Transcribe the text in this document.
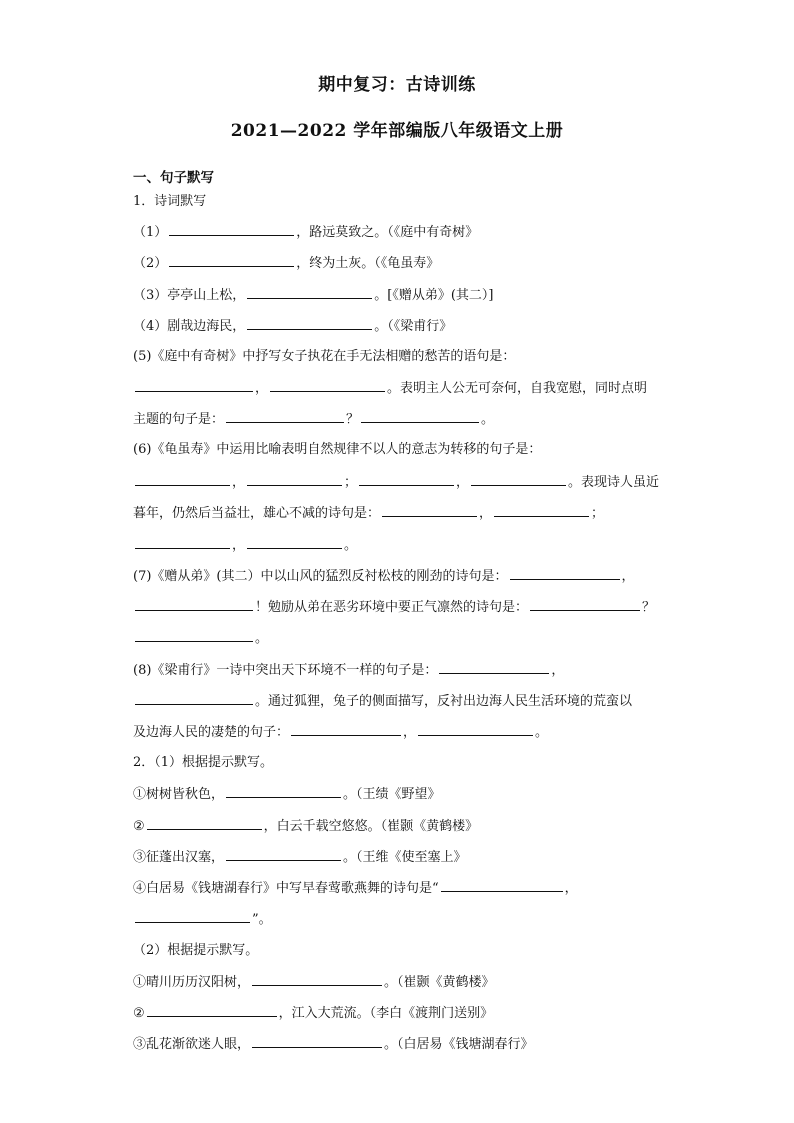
期中复习：古诗训练
2021—2022 学年部编版八年级语文上册
一、句子默写
1．诗词默写
（1）	，路远莫致之。（《庭中有奇树》
（2）	，终为土灰。（《龟虽寿》
（3）亭亭山上松，	。[《赠从弟》(其二）]
（4）剧哉边海民，	。（《梁甫行》
(5)《庭中有奇树》中抒写女子执花在手无法相赠的愁苦的语句是：
，	。表明主人公无可奈何，自我宽慰，同时点明
主题的句子是：	？	。
(6)《龟虽寿》中运用比喻表明自然规律不以人的意志为转移的句子是：
，	；	，	。表现诗人虽近
暮年，仍然后当益壮，雄心不减的诗句是：	，	；
，	。
(7)《赠从弟》(其二）中以山风的猛烈反衬松枝的刚劲的诗句是：	，
！勉励从弟在恶劣环境中要正气凛然的诗句是：	？
。
(8)《梁甫行》一诗中突出天下环境不一样的句子是：	，
。通过狐狸，兔子的侧面描写，反衬出边海人民生活环境的荒蛮以
及边海人民的凄楚的句子：	，	。
2．（1）根据提示默写。
①树树皆秋色，	。（王绩《野望》
②	，白云千载空悠悠。（崔颢《黄鹤楼》
③征蓬出汉塞，	。（王维《使至塞上》
④白居易《钱塘湖春行》中写早春莺歌燕舞的诗句是“	，
”。
（2）根据提示默写。
①晴川历历汉阳树，	。（崔颢《黄鹤楼》
②	，江入大荒流。（李白《渡荆门送别》
③乱花渐欲迷人眼，	。（白居易《钱塘湖春行》
